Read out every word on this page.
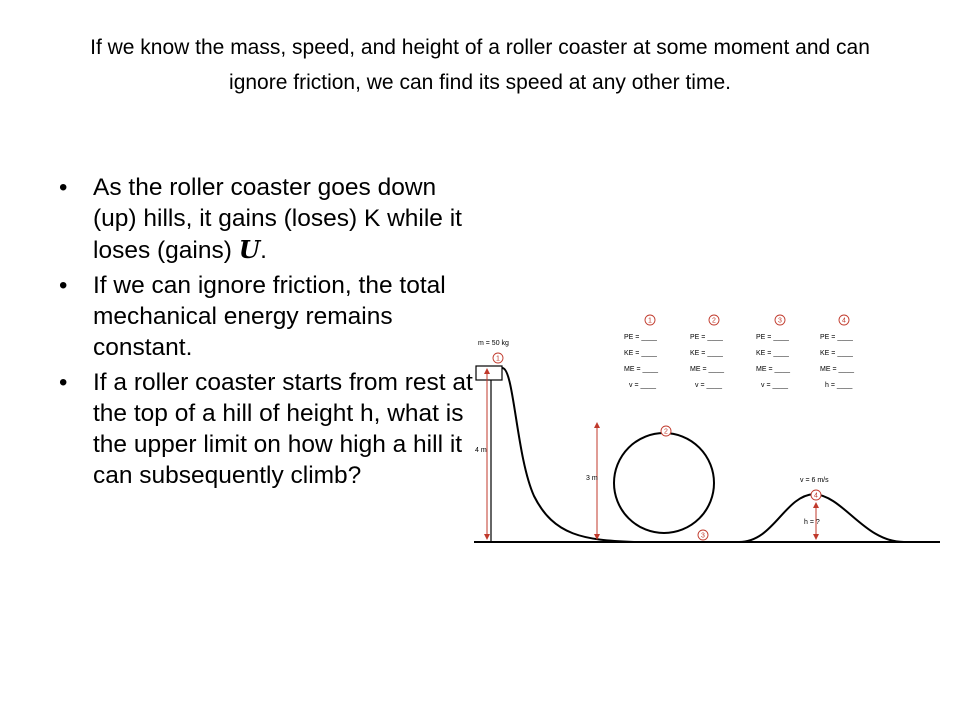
If we know the mass, speed, and height of a roller coaster at some moment and can ignore friction, we can find its speed at any other time.
• As the roller coaster goes down (up) hills, it gains (loses) K while it loses (gains) U.
• If we can ignore friction, the total mechanical energy remains constant.
• If a roller coaster starts from rest at the top of a hill of height h, what is the upper limit on how high a hill it can subsequently climb?
m = 50 kg
4 m
3 m	v = 6 m/s
h = ?
1
2
3
4
1
PE = ____
KE = ____
ME = ____
v = ____
2
PE = ____
KE = ____
ME = ____
v = ____
3
PE = ____
KE = ____
ME = ____
v = ____
4
PE = ____
KE = ____
ME = ____
h = ____
